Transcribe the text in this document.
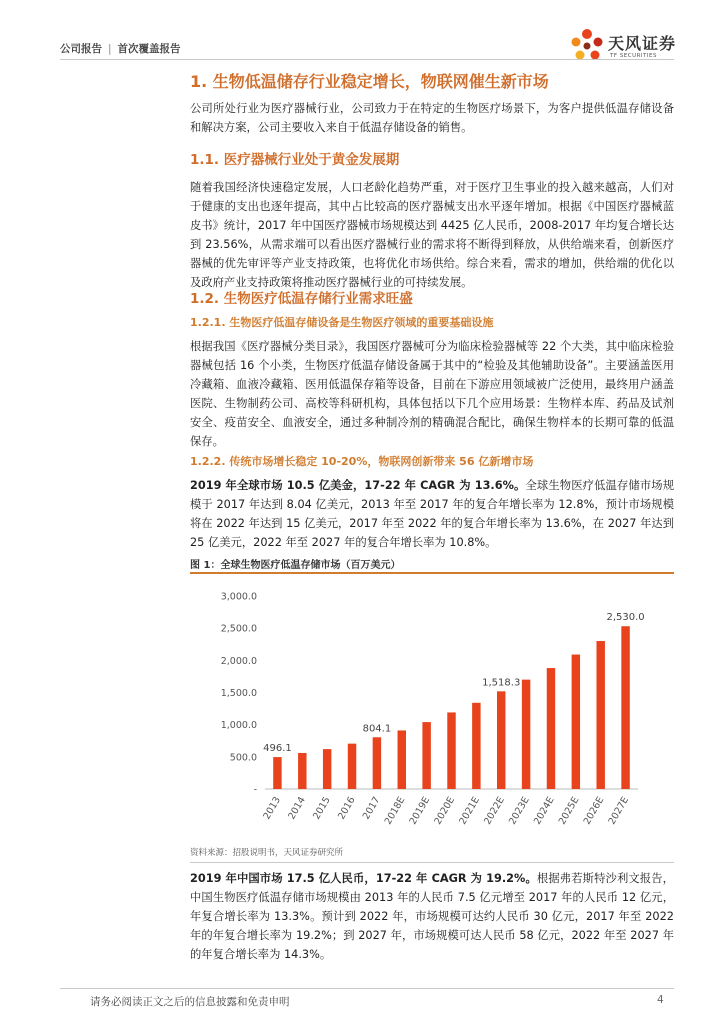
公司报告 | 首次覆盖报告	天风证券
TF SECURITIES
1. 生物低温储存行业稳定增长，物联网催生新市场
公司所处行业为医疗器械行业，公司致力于在特定的生物医疗场景下，为客户提供低温存储设备和解决方案，公司主要收入来自于低温存储设备的销售。
1.1. 医疗器械行业处于黄金发展期
随着我国经济快速稳定发展，人口老龄化趋势严重，对于医疗卫生事业的投入越来越高，人们对于健康的支出也逐年提高，其中占比较高的医疗器械支出水平逐年增加。根据《中国医疗器械蓝皮书》统计，2017 年中国医疗器械市场规模达到 4425 亿人民币，2008-2017 年均复合增长达到 23.56%，从需求端可以看出医疗器械行业的需求将不断得到释放，从供给端来看，创新医疗器械的优先审评等产业支持政策，也将优化市场供给。综合来看，需求的增加，供给端的优化以及政府产业支持政策将推动医疗器械行业的可持续发展。
1.2. 生物医疗低温存储行业需求旺盛
1.2.1. 生物医疗低温存储设备是生物医疗领域的重要基础设施
根据我国《医疗器械分类目录》，我国医疗器械可分为临床检验器械等 22 个大类，其中临床检验器械包括 16 个小类，生物医疗低温存储设备属于其中的“检验及其他辅助设备”。主要涵盖医用冷藏箱、血液冷藏箱、医用低温保存箱等设备，目前在下游应用领域被广泛使用，最终用户涵盖医院、生物制药公司、高校等科研机构，具体包括以下几个应用场景：生物样本库、药品及试剂安全、疫苗安全、血液安全，通过多种制冷剂的精确混合配比，确保生物样本的长期可靠的低温保存。
1.2.2. 传统市场增长稳定 10-20%，物联网创新带来 56 亿新增市场
2019 年全球市场 10.5 亿美金，17-22 年 CAGR 为 13.6%。全球生物医疗低温存储市场规模于 2017 年达到 8.04 亿美元，2013 年至 2017 年的复合年增长率为 12.8%，预计市场规模将在 2022 年达到 15 亿美元，2017 年至 2022 年的复合年增长率为 13.6%，在 2027 年达到 25 亿美元，2022 年至 2027 年的复合年增长率为 10.8%。
图 1：全球生物医疗低温存储市场（百万美元）
-
500.0
1,000.0
1,500.0
2,000.0
2,500.0
3,000.0
496.1
2013 2014 2015 2016
804.1
2017 2018E 2019E 2020E 2021E
1,518.3
2022E 2023E 2024E 2025E 2026E
2,530.0
2027E
资料来源：招股说明书，天风证券研究所
2019 年中国市场 17.5 亿人民币，17-22 年 CAGR 为 19.2%。根据弗若斯特沙利文报告，中国生物医疗低温存储市场规模由 2013 年的人民币 7.5 亿元增至 2017 年的人民币 12 亿元，年复合增长率为 13.3%。预计到 2022 年，市场规模可达约人民币 30 亿元，2017 年至 2022 年的年复合增长率为 19.2%；到 2027 年，市场规模可达人民币 58 亿元，2022 年至 2027 年的年复合增长率为 14.3%。
请务必阅读正文之后的信息披露和免责申明	4
